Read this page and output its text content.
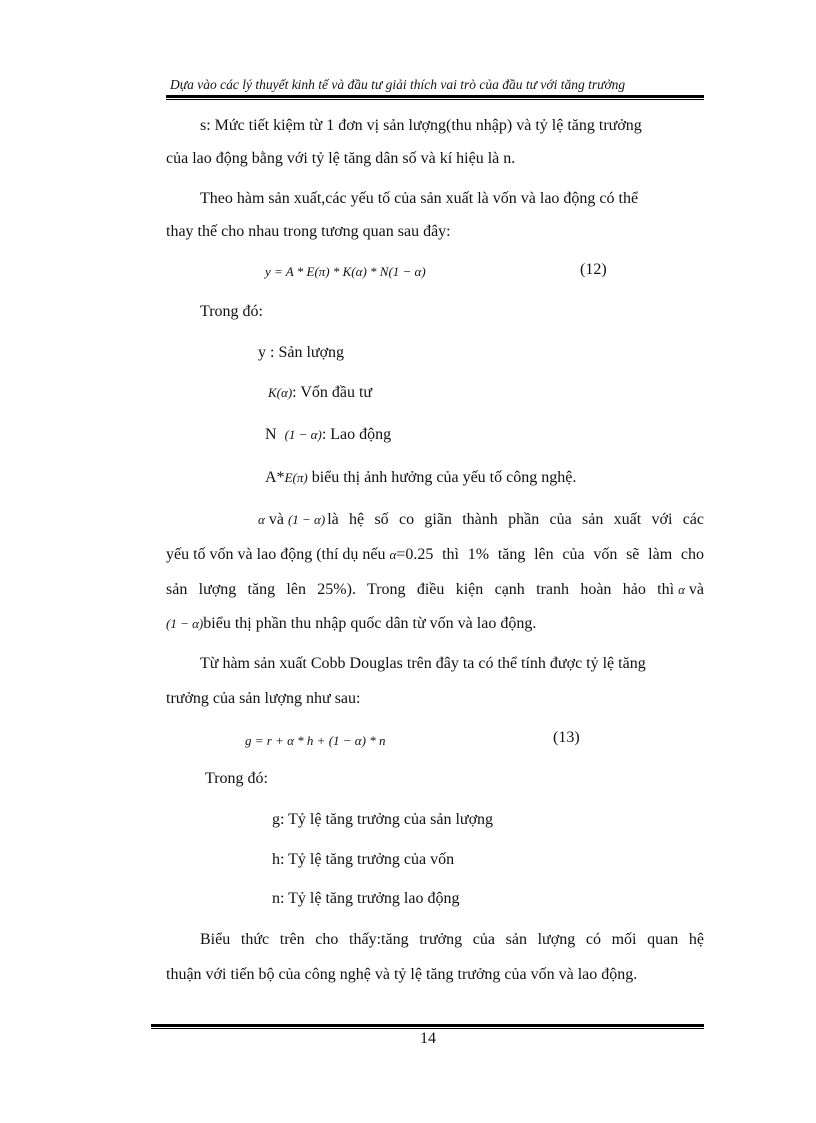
Dựa vào các lý thuyết kinh tế và đầu tư giải thích vai trò của đầu tư với tăng trưởng
s: Mức tiết kiệm từ 1 đơn vị sản lượng(thu nhập) và tỷ lệ tăng trưởng
của lao động bằng với tỷ lệ tăng dân số và kí hiệu là n.
Theo hàm sản xuất,các yếu tố của sản xuất là vốn và lao động có thể
thay thế cho nhau trong tương quan sau đây:
y = A * E(π) * K(α) * N(1 − α)	(12)
Trong đó:
y : Sản lượng
K(α): Vốn đầu tư
N (1 − α): Lao động
A*E(π) biểu thị ảnh hưởng của yếu tố công nghệ.
α và (1 − α) là hệ số co giãn thành phần của sản xuất với các
yếu tố vốn và lao động (thí dụ nếu α =0.25 thì 1% tăng lên của vốn sẽ làm cho
sản lượng tăng lên 25%). Trong điều kiện cạnh tranh hoàn hảo thì α và
(1 − α)biểu thị phần thu nhập quốc dân từ vốn và lao động.
Từ hàm sản xuất Cobb Douglas trên đây ta có thể tính được tỷ lệ tăng
trưởng của sản lượng như sau:
g = r + α * h + (1 − α) * n	(13)
Trong đó:
g: Tỷ lệ tăng trưởng của sản lượng
h: Tỷ lệ tăng trưởng của vốn
n: Tỷ lệ tăng trưởng lao động
Biểu thức trên cho thấy:tăng trưởng của sản lượng có mối quan hệ
thuận với tiến bộ của công nghệ và tỷ lệ tăng trưởng của vốn và lao động.
14
